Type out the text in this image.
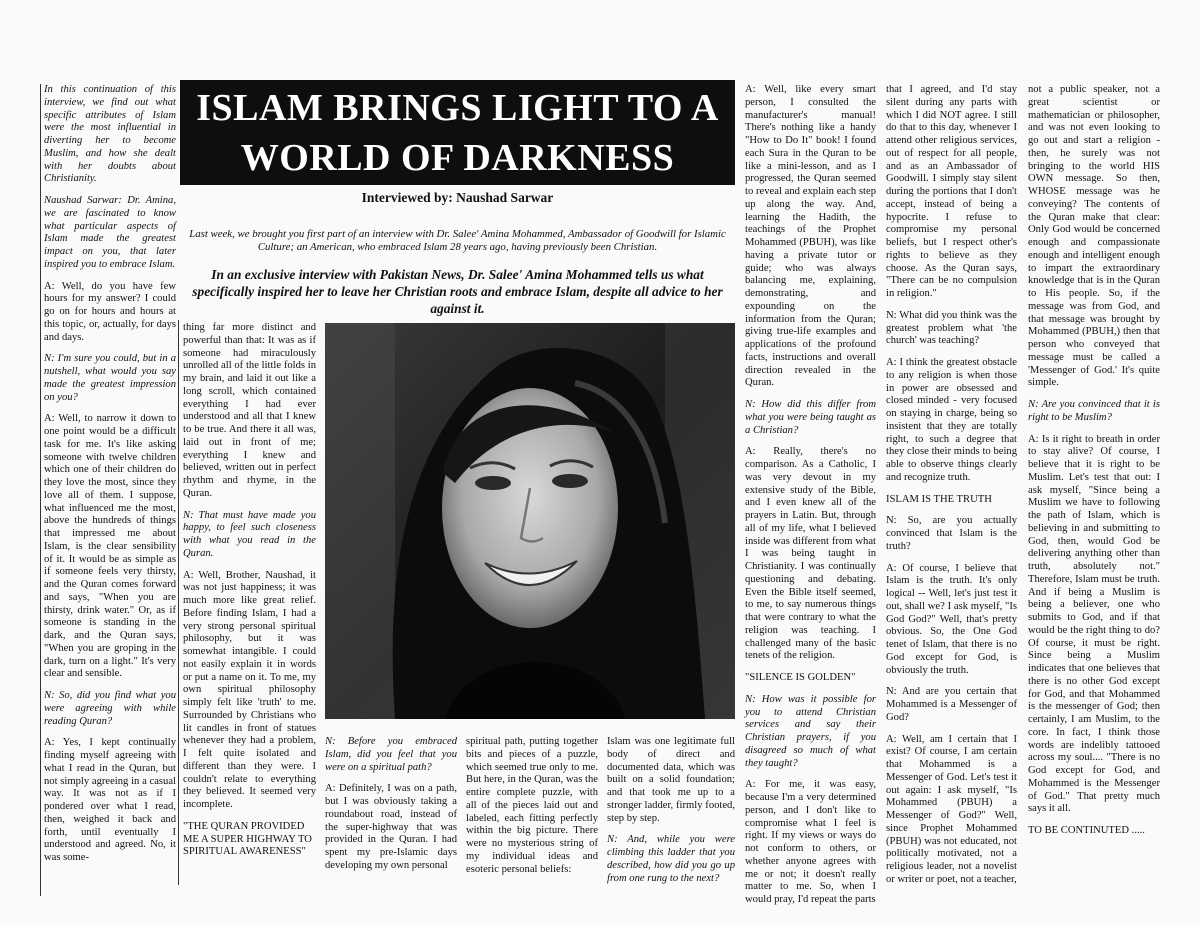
ISLAM BRINGS LIGHT TO A
WORLD OF DARKNESS
Interviewed by: Naushad Sarwar
Last week, we brought you first part of an interview with Dr. Salee' Amina Mohammed, Ambassador of Goodwill for Islamic Culture; an American, who embraced Islam 28 years ago, having previously been Christian.
In an exclusive interview with Pakistan News, Dr. Salee' Amina Mohammed tells us what specifically inspired her to leave her Christian roots and embrace Islam, despite all advice to her against it.

In this continuation of this interview, we find out what specific attributes of Islam were the most influential in diverting her to become Muslim, and how she dealt with her doubts about Christianity.

Naushad Sarwar: Dr. Amina, we are fascinated to know what particular aspects of Islam made the greatest impact on you, that later inspired you to embrace Islam.

A: Well, do you have few hours for my answer? I could go on for hours and hours at this topic, or, actually, for days and days.

N: I'm sure you could, but in a nutshell, what would you say made the greatest impression on you?

A: Well, to narrow it down to one point would be a difficult task for me. It's like asking someone with twelve children which one of their children do they love the most, since they love all of them. I suppose, what influenced me the most, above the hundreds of things that impressed me about Islam, is the clear sensibility of it. It would be as simple as if someone feels very thirsty, and the Quran comes forward and says, "When you are thirsty, drink water." Or, as if someone is standing in the dark, and the Quran says, "When you are groping in the dark, turn on a light." It's very clear and sensible.

N: So, did you find what you were agreeing with while reading Quran?

A: Yes, I kept continually finding myself agreeing with what I read in the Quran, but not simply agreeing in a casual way. It was not as if I pondered over what I read, then, weighed it back and forth, until eventually I understood and agreed. No, it was some-

thing far more distinct and powerful than that: It was as if someone had miraculously unrolled all of the little folds in my brain, and laid it out like a long scroll, which contained everything I had ever understood and all that I knew to be true. And there it all was, laid out in front of me; everything I knew and believed, written out in perfect rhythm and rhyme, in the Quran.

N: That must have made you happy, to feel such closeness with what you read in the Quran.

A: Well, Brother, Naushad, it was not just happiness; it was much more like great relief. Before finding Islam, I had a very strong personal spiritual philosophy, but it was somewhat intangible. I could not easily explain it in words or put a name on it. To me, my own spiritual philosophy simply felt like 'truth' to me. Surrounded by Christians who lit candles in front of statues whenever they had a problem, I felt quite isolated and different than they were. I couldn't relate to everything they believed. It seemed very incomplete.

"THE QURAN PROVIDED ME A SUPER HIGHWAY TO SPIRITUAL AWARENESS"

N: Before you embraced Islam, did you feel that you were on a spiritual path?

A: Definitely, I was on a path, but I was obviously taking a roundabout road, instead of the super-highway that was provided in the Quran. I had spent my pre-Islamic days developing my own personal

spiritual path, putting together bits and pieces of a puzzle, which seemed true only to me. But here, in the Quran, was the entire complete puzzle, with all of the pieces laid out and labeled, each fitting perfectly within the big picture. There were no mysterious string of my individual ideas and esoteric personal beliefs:

Islam was one legitimate full body of direct and documented data, which was built on a solid foundation; and that took me up to a stronger ladder, firmly footed, step by step.

N: And, while you were climbing this ladder that you described, how did you go up from one rung to the next?

A: Well, like every smart person, I consulted the manufacturer's manual! There's nothing like a handy "How to Do It" book! I found each Sura in the Quran to be like a mini-lesson, and as I progressed, the Quran seemed to reveal and explain each step up along the way. And, learning the Hadith, the teachings of the Prophet Mohammed (PBUH), was like having a private tutor or guide; who was always balancing me, explaining, demonstrating, and expounding on the information from the Quran; giving true-life examples and applications of the profound facts, instructions and overall direction revealed in the Quran.

N: How did this differ from what you were being taught as a Christian?

A: Really, there's no comparison. As a Catholic, I was very devout in my extensive study of the Bible, and I even knew all of the prayers in Latin. But, through all of my life, what I believed inside was different from what I was being taught in Christianity. I was continually questioning and debating. Even the Bible itself seemed, to me, to say numerous things that were contrary to what the religion was teaching. I challenged many of the basic tenets of the religion.

"SILENCE IS GOLDEN"

N: How was it possible for you to attend Christian services and say their Christian prayers, if you disagreed so much of what they taught?

A: For me, it was easy, because I'm a very determined person, and I don't like to compromise what I feel is right. If my views or ways do not conform to others, or whether anyone agrees with me or not; it doesn't really matter to me. So, when I would pray, I'd repeat the parts

that I agreed, and I'd stay silent during any parts with which I did NOT agree. I still do that to this day, whenever I attend other religious services, out of respect for all people, and as an Ambassador of Goodwill. I simply stay silent during the portions that I don't accept, instead of being a hypocrite. I refuse to compromise my personal beliefs, but I respect other's rights to believe as they choose. As the Quran says, "There can be no compulsion in religion."

N: What did you think was the greatest problem what 'the church' was teaching?

A: I think the greatest obstacle to any religion is when those in power are obsessed and closed minded - very focused on staying in charge, being so insistent that they are totally right, to such a degree that they close their minds to being able to observe things clearly and recognize truth.

ISLAM IS THE TRUTH

N: So, are you actually convinced that Islam is the truth?

A: Of course, I believe that Islam is the truth. It's only logical -- Well, let's just test it out, shall we? I ask myself, "Is God God?" Well, that's pretty obvious. So, the One God tenet of Islam, that there is no God except for God, is obviously the truth.

N: And are you certain that Mohammed is a Messenger of God?

A: Well, am I certain that I exist? Of course, I am certain that Mohammed is a Messenger of God. Let's test it out again: I ask myself, "Is Mohammed (PBUH) a Messenger of God?" Well, since Prophet Mohammed (PBUH) was not educated, not politically motivated, not a religious leader, not a novelist or writer or poet, not a teacher,

not a public speaker, not a great scientist or mathematician or philosopher, and was not even looking to go out and start a religion - then, he surely was not bringing to the world HIS OWN message. So then, WHOSE message was he conveying? The contents of the Quran make that clear: Only God would be concerned enough and compassionate enough and intelligent enough to impart the extraordinary knowledge that is in the Quran to His people. So, if the message was from God, and that message was brought by Mohammed (PBUH,) then that person who conveyed that message must be called a 'Messenger of God.' It's quite simple.

N: Are you convinced that it is right to be Muslim?

A: Is it right to breath in order to stay alive? Of course, I believe that it is right to be Muslim. Let's test that out: I ask myself, "Since being a Muslim we have to following the path of Islam, which is believing in and submitting to God, then, would God be delivering anything other than truth, absolutely not." Therefore, Islam must be truth. And if being a Muslim is being a believer, one who submits to God, and if that would be the right thing to do? Of course, it must be right. Since being a Muslim indicates that one believes that there is no other God except for God, and that Mohammed is the messenger of God; then certainly, I am Muslim, to the core. In fact, I think those words are indelibly tattooed across my soul.... "There is no God except for God, and Mohammed is the Messenger of God." That pretty much says it all.

TO BE CONTINUTED .....
